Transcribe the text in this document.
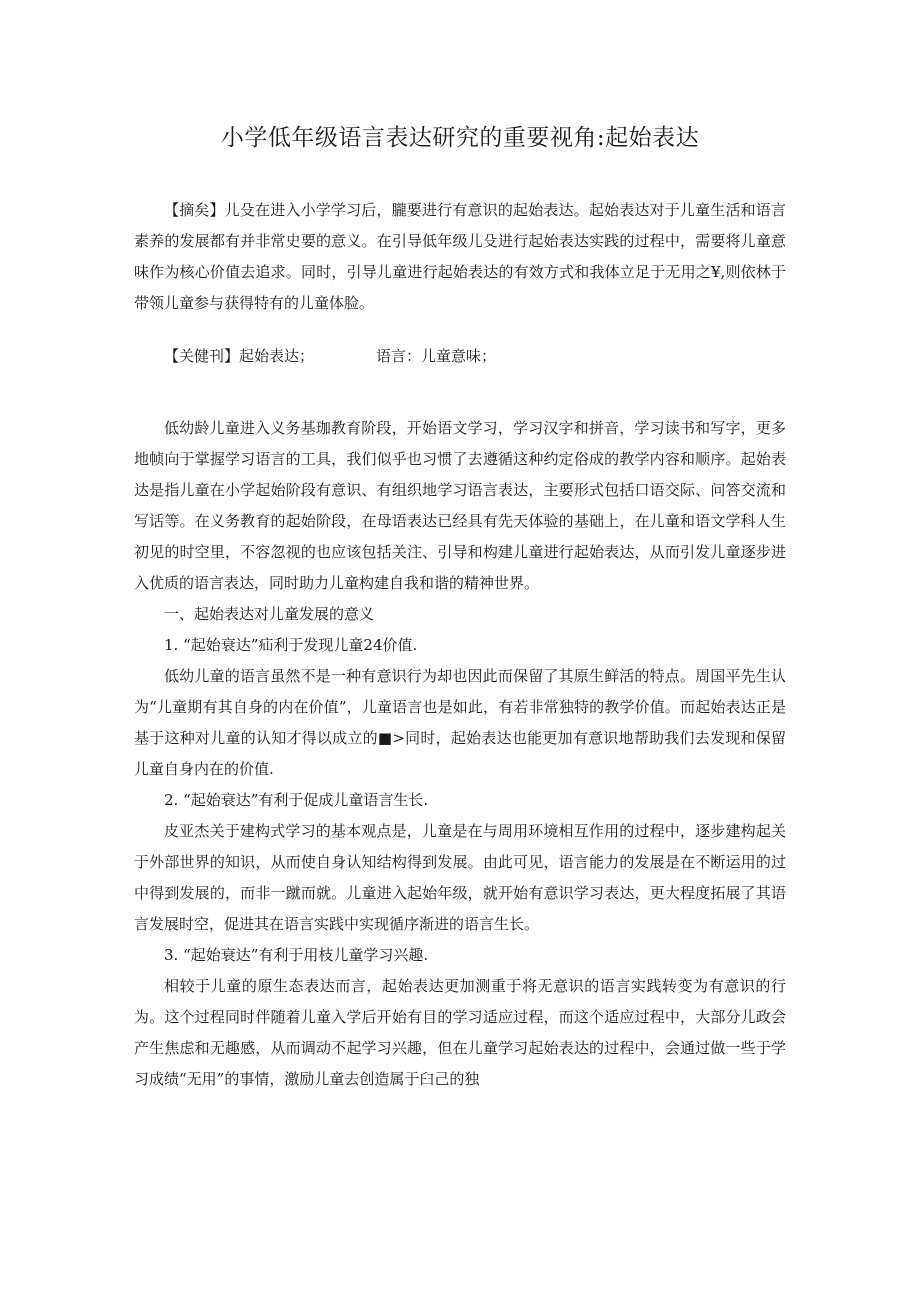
小学低年级语言表达研究的重要视角:起始表达

【摘矣】儿殳在进入小学学习后，朧要进行有意识的起始表达。起始表达对于儿童生活和语言素养的发展都有并非常史要的意义。在引导低年级儿殳进行起始表达实践的过程中，需要将儿童意味作为核心价值去追求。同时，引导儿童进行起始表达的有效方式和我体立足于无用之¥,则依林于带领儿童参与获得特有的儿童体脸。

【关健刊】起始表达；	语言：儿童意味；

低幼龄儿童进入义务基珈教育阶段，开始语文学习，学习汉字和拼音，学习读书和写字，更多地帧向于掌握学习语言的工具，我们似乎也习惯了去遵循这种约定俗成的教学内容和顺序。起始表达是指儿童在小学起始阶段有意识、有组织地学习语言表达，主要形式包括口语交际、问答交流和写话等。在义务教育的起始阶段，在母语表达已经具有先天体验的基础上，在儿童和语文学科人生初见的时空里，不容忽视的也应该包括关注、引导和构建儿童进行起始表达，从而引发儿童逐步进入优质的语言表达，同时助力儿童构建自我和谐的精神世界。

一、起始表达对儿童发展的意义

1. “起始衰达”疝利于发现儿童24价值.

低幼儿童的语言虽然不是一种有意识行为却也因此而保留了其原生鲜活的特点。周国平先生认为“儿童期有其自身的内在价值”，儿童语言也是如此，有若非常独特的教学价值。而起始表达正是基于这种对儿童的认知才得以成立的■>同时，起始表达也能更加有意识地帮助我们去发现和保留儿童自身内在的价值.

2. “起始衰达”有利于促成儿童语言生长.

皮亚杰关于建构式学习的基本观点是，儿童是在与周用环境相互作用的过程中，逐步建构起关于外部世界的知识，从而使自身认知结构得到发展。由此可见，语言能力的发展是在不断运用的过中得到发展的，而非一蹴而就。儿童进入起始年级，就开始有意识学习表达，更大程度拓展了其语言发展时空，促进其在语言实践中实现循序渐进的语言生长。

3. “起始衰达”有利于用枝儿童学习兴趣.

相较于儿童的原生态表达而言，起始表达更加测重于将无意识的语言实践转变为有意识的行为。这个过程同时伴随着儿童入学后开始有目的学习适应过程，而这个适应过程中，大部分儿政会产生焦虑和无趣感，从而调动不起学习兴趣，但在儿童学习起始表达的过程中，会通过做一些于学习成绩“无用”的事情，激励儿童去创造属于臼己的独
